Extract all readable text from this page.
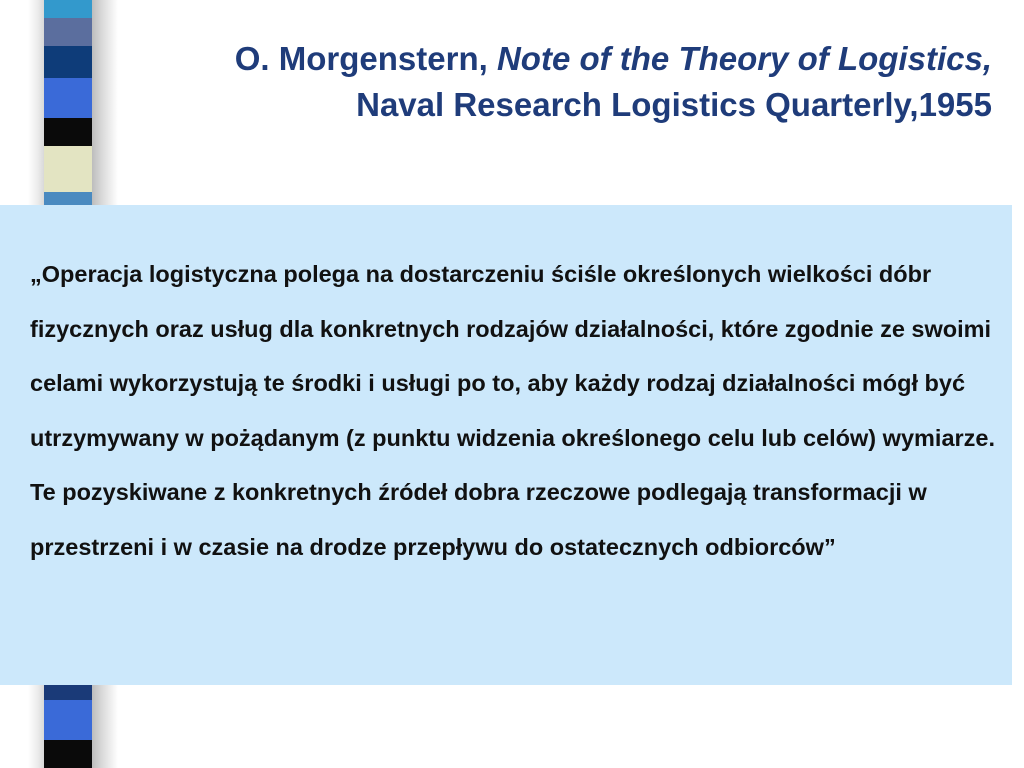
O. Morgenstern, Note of the Theory of Logistics, Naval Research Logistics Quarterly,1955
„Operacja logistyczna polega na dostarczeniu ściśle określonych wielkości dóbr fizycznych oraz usług dla konkretnych rodzajów działalności, które zgodnie ze swoimi celami wykorzystują te środki i usługi po to, aby każdy rodzaj działalności mógł być utrzymywany w pożądanym (z punktu widzenia określonego celu lub celów) wymiarze. Te pozyskiwane z konkretnych źródeł dobra rzeczowe podlegają transformacji w przestrzeni i w czasie na drodze przepływu do ostatecznych odbiorców”
